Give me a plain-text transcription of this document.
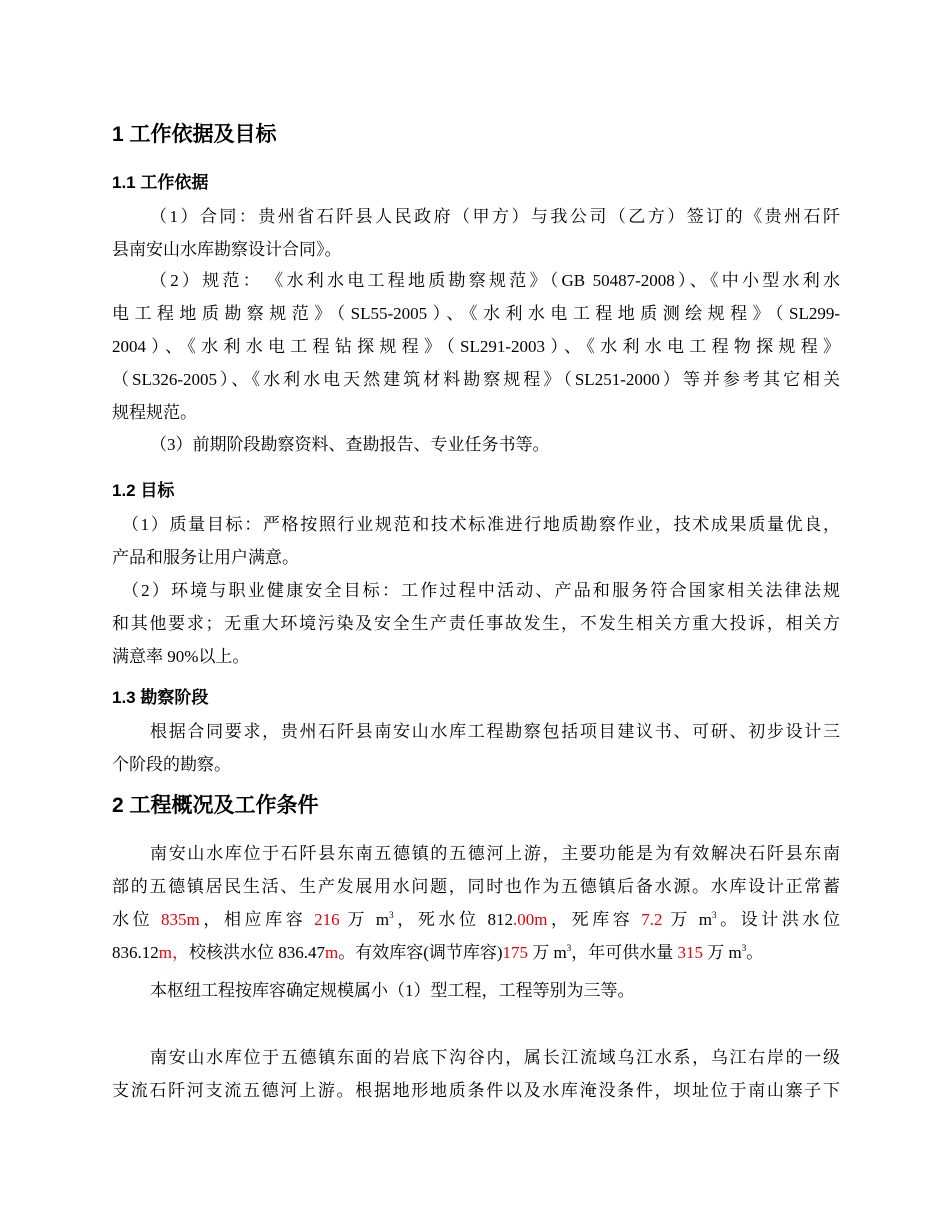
1 工作依据及目标
1.1 工作依据
（1）合同：贵州省石阡县人民政府（甲方）与我公司（乙方）签订的《贵州石阡
县南安山水库勘察设计合同》。
（2）规范：　《水利水电工程地质勘察规范》（GB 50487-2008）、《中小型水利水
电工程地质勘察规范》（SL55-2005）、《水利水电工程地质测绘规程》（SL299-
2004）、《水利水电工程钻探规程》（SL291-2003）、《水利水电工程物探规程》
（SL326-2005）、《水利水电天然建筑材料勘察规程》（SL251-2000）等并参考其它相关
规程规范。
（3）前期阶段勘察资料、查勘报告、专业任务书等。
1.2 目标
（1）质量目标：严格按照行业规范和技术标准进行地质勘察作业，技术成果质量优良，
产品和服务让用户满意。
（2）环境与职业健康安全目标：工作过程中活动、产品和服务符合国家相关法律法规
和其他要求；无重大环境污染及安全生产责任事故发生，不发生相关方重大投诉，相关方
满意率 90%以上。
1.3 勘察阶段
根据合同要求，贵州石阡县南安山水库工程勘察包括项目建议书、可研、初步设计三
个阶段的勘察。
2 工程概况及工作条件
南安山水库位于石阡县东南五德镇的五德河上游，主要功能是为有效解决石阡县东南
部的五德镇居民生活、生产发展用水问题，同时也作为五德镇后备水源。水库设计正常蓄
水位 835m，相应库容 216 万 $m^3$，死水位 812.00m，死库容 7.2 万 $m^3$。设计洪水位
836.12m，校核洪水位 836.47m。有效库容(调节库容)175 万 $m^3$，年可供水量 315 万 $m^3$。
本枢纽工程按库容确定规模属小（1）型工程，工程等别为三等。
南安山水库位于五德镇东面的岩底下沟谷内，属长江流域乌江水系，乌江右岸的一级
支流石阡河支流五德河上游。根据地形地质条件以及水库淹没条件，坝址位于南山寨子下
